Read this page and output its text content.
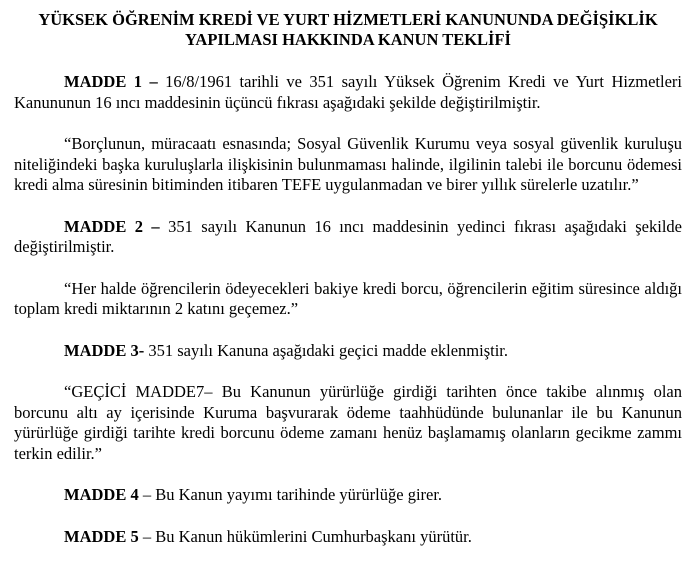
YÜKSEK ÖĞRENİM KREDİ VE YURT HİZMETLERİ KANUNUNDA DEĞİŞİKLİK
YAPILMASI HAKKINDA KANUN TEKLİFİ

MADDE 1 – 16/8/1961 tarihli ve 351 sayılı Yüksek Öğrenim Kredi ve Yurt Hizmetleri Kanununun 16 ıncı maddesinin üçüncü fıkrası aşağıdaki şekilde değiştirilmiştir.

“Borçlunun, müracaatı esnasında; Sosyal Güvenlik Kurumu veya sosyal güvenlik kuruluşu niteliğindeki başka kuruluşlarla ilişkisinin bulunmaması halinde, ilgilinin talebi ile borcunu ödemesi kredi alma süresinin bitiminden itibaren TEFE uygulanmadan ve birer yıllık sürelerle uzatılır.”

MADDE 2 – 351 sayılı Kanunun 16 ıncı maddesinin yedinci fıkrası aşağıdaki şekilde değiştirilmiştir.

“Her halde öğrencilerin ödeyecekleri bakiye kredi borcu, öğrencilerin eğitim süresince aldığı toplam kredi miktarının 2 katını geçemez.”

MADDE 3- 351 sayılı Kanuna aşağıdaki geçici madde eklenmiştir.

“GEÇİCİ MADDE7– Bu Kanunun yürürlüğe girdiği tarihten önce takibe alınmış olan borcunu altı ay içerisinde Kuruma başvurarak ödeme taahhüdünde bulunanlar ile bu Kanunun yürürlüğe girdiği tarihte kredi borcunu ödeme zamanı henüz başlamamış olanların gecikme zammı terkin edilir.”

MADDE 4 – Bu Kanun yayımı tarihinde yürürlüğe girer.

MADDE 5 – Bu Kanun hükümlerini Cumhurbaşkanı yürütür.
